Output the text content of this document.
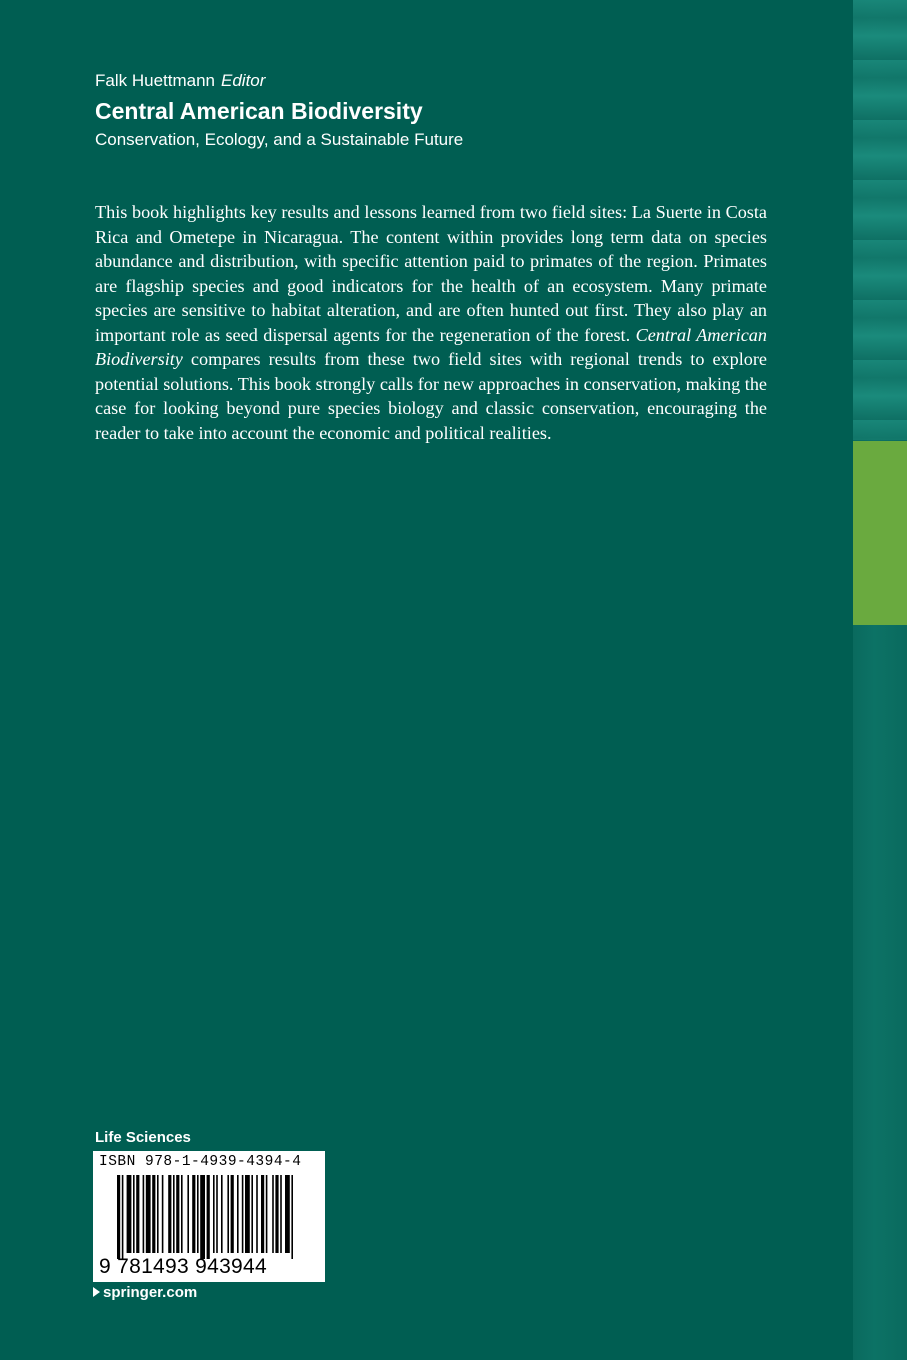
Falk Huettmann Editor

Central American Biodiversity

Conservation, Ecology, and a Sustainable Future

This book highlights key results and lessons learned from two field sites: La Suerte in Costa Rica and Ometepe in Nicaragua. The content within provides long term data on species abundance and distribution, with specific attention paid to primates of the region. Primates are flagship species and good indicators for the health of an ecosystem. Many primate species are sensitive to habitat alteration, and are often hunted out first. They also play an important role as seed dispersal agents for the regeneration of the forest. Central American Biodiversity compares results from these two field sites with regional trends to explore potential solutions. This book strongly calls for new approaches in conservation, making the case for looking beyond pure species biology and classic conservation, encouraging the reader to take into account the economic and political realities.

Life Sciences
ISBN 978-1-4939-4394-4
9 781493 943944
springer.com
